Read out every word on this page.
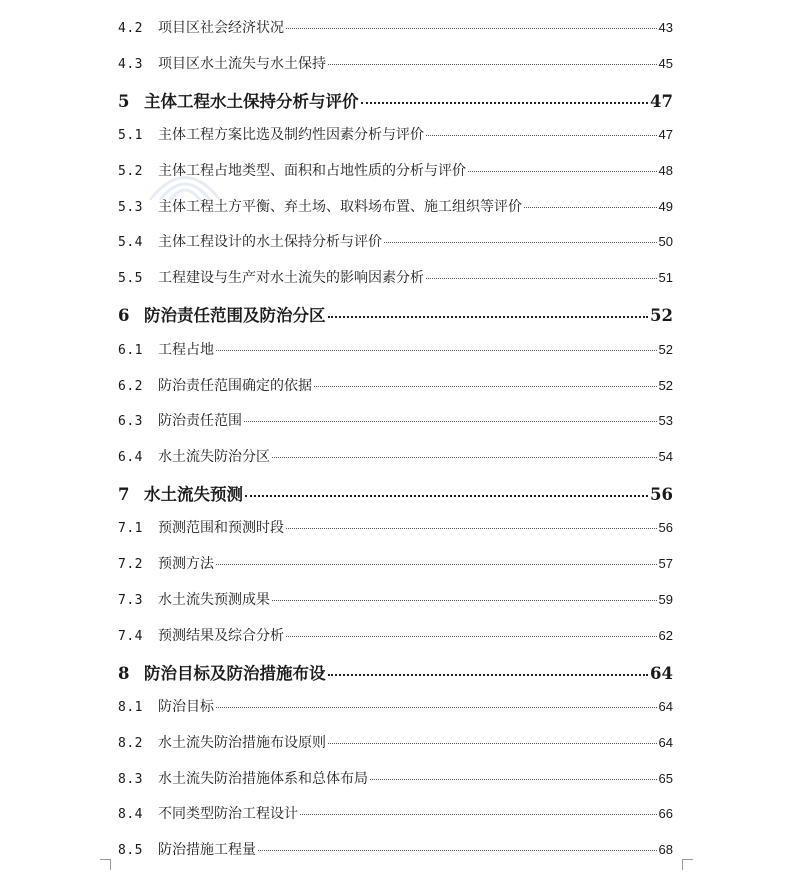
4.2	项目区社会经济状况	43
4.3	项目区水土流失与水土保持	45
5 主体工程水土保持分析与评价	47
5.1	主体工程方案比选及制约性因素分析与评价	47
5.2	主体工程占地类型、面积和占地性质的分析与评价	48
5.3	主体工程土方平衡、弃土场、取料场布置、施工组织等评价	49
5.4	主体工程设计的水土保持分析与评价	50
5.5	工程建设与生产对水土流失的影响因素分析	51
6 防治责任范围及防治分区	52
6.1	工程占地	52
6.2	防治责任范围确定的依据	52
6.3	防治责任范围	53
6.4	水土流失防治分区	54
7 水土流失预测	56
7.1	预测范围和预测时段	56
7.2	预测方法	57
7.3	水土流失预测成果	59
7.4	预测结果及综合分析	62
8 防治目标及防治措施布设	64
8.1	防治目标	64
8.2	水土流失防治措施布设原则	64
8.3	水土流失防治措施体系和总体布局	65
8.4	不同类型防治工程设计	66
8.5	防治措施工程量	68
